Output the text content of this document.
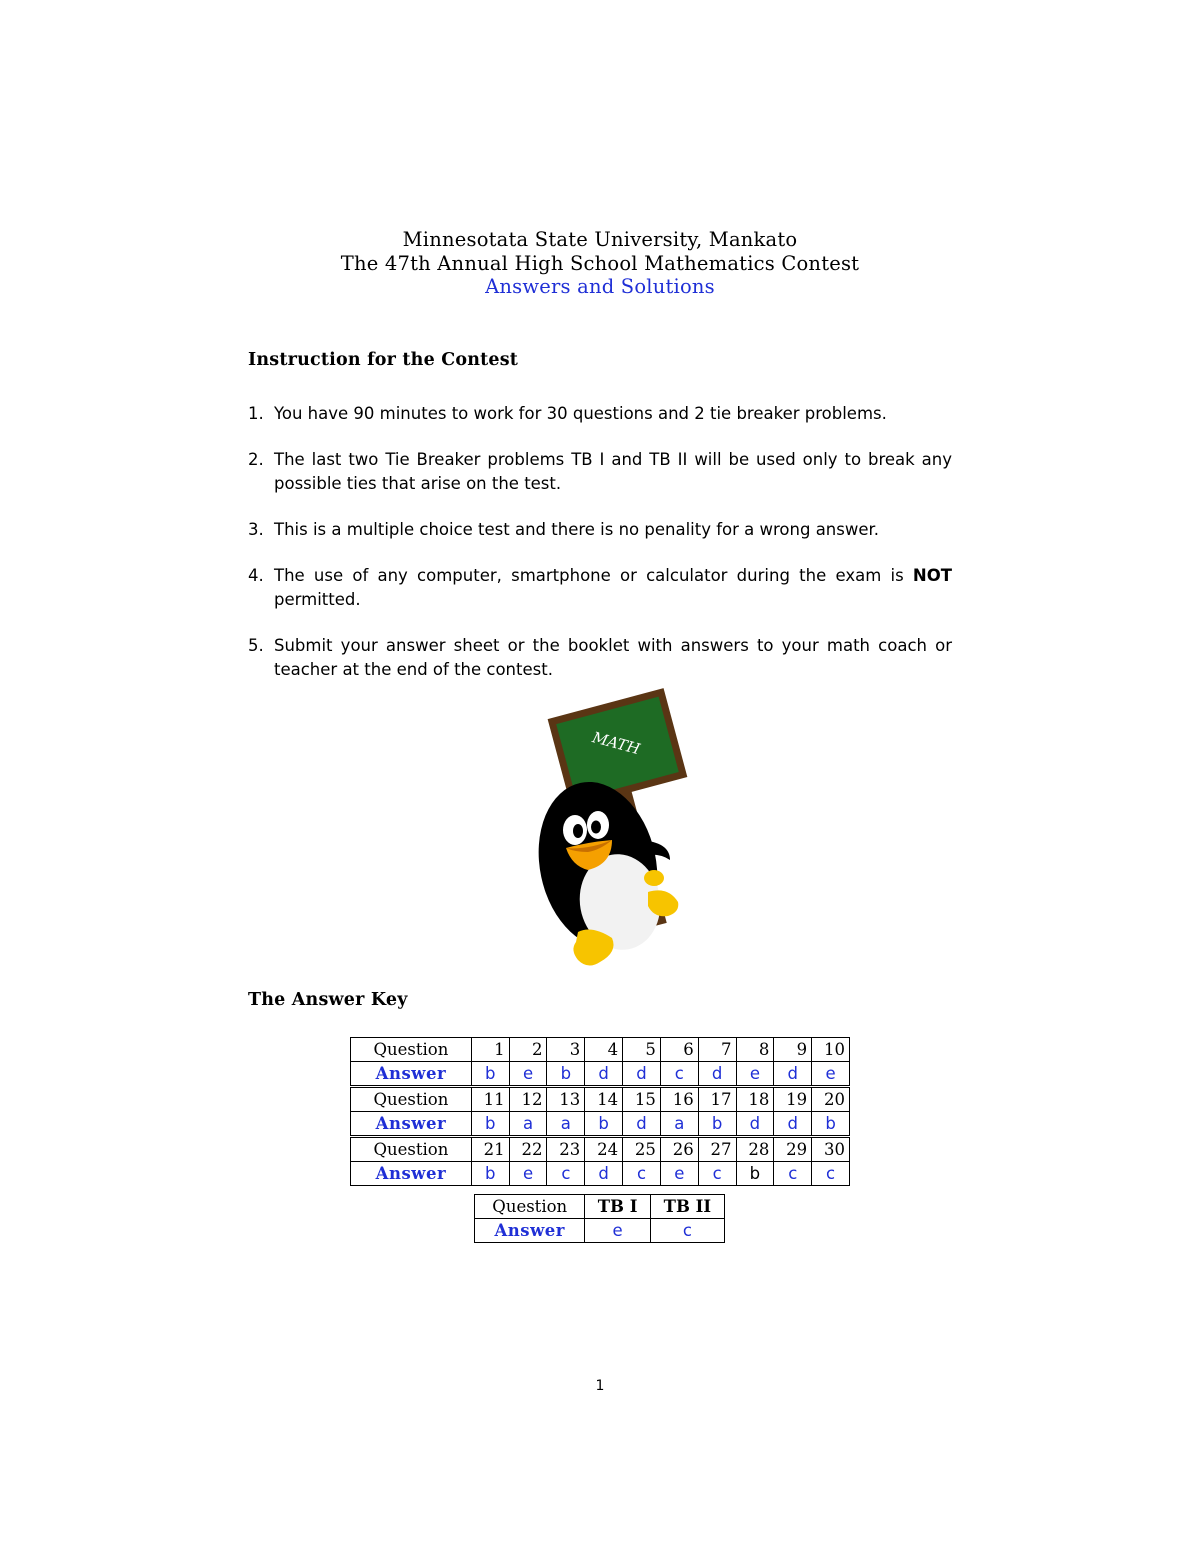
Minnesotata State University, Mankato
The 47th Annual High School Mathematics Contest
Answers and Solutions
Instruction for the Contest
1. You have 90 minutes to work for 30 questions and 2 tie breaker problems.
2. The last two Tie Breaker problems TB I and TB II will be used only to break any possible ties that arise on the test.
3. This is a multiple choice test and there is no penality for a wrong answer.
4. The use of any computer, smartphone or calculator during the exam is NOT permitted.
5. Submit your answer sheet or the booklet with answers to your math coach or teacher at the end of the contest.
MATH
The Answer Key
Question	1	2	3	4	5	6	7	8	9	10
Answer	b	e	b	d	d	c	d	e	d	e
Question	11	12	13	14	15	16	17	18	19	20
Answer	b	a	a	b	d	a	b	d	d	b
Question	21	22	23	24	25	26	27	28	29	30
Answer	b	e	c	d	c	e	c	b	c	c
Question	TB I	TB II
Answer	e	c
1
